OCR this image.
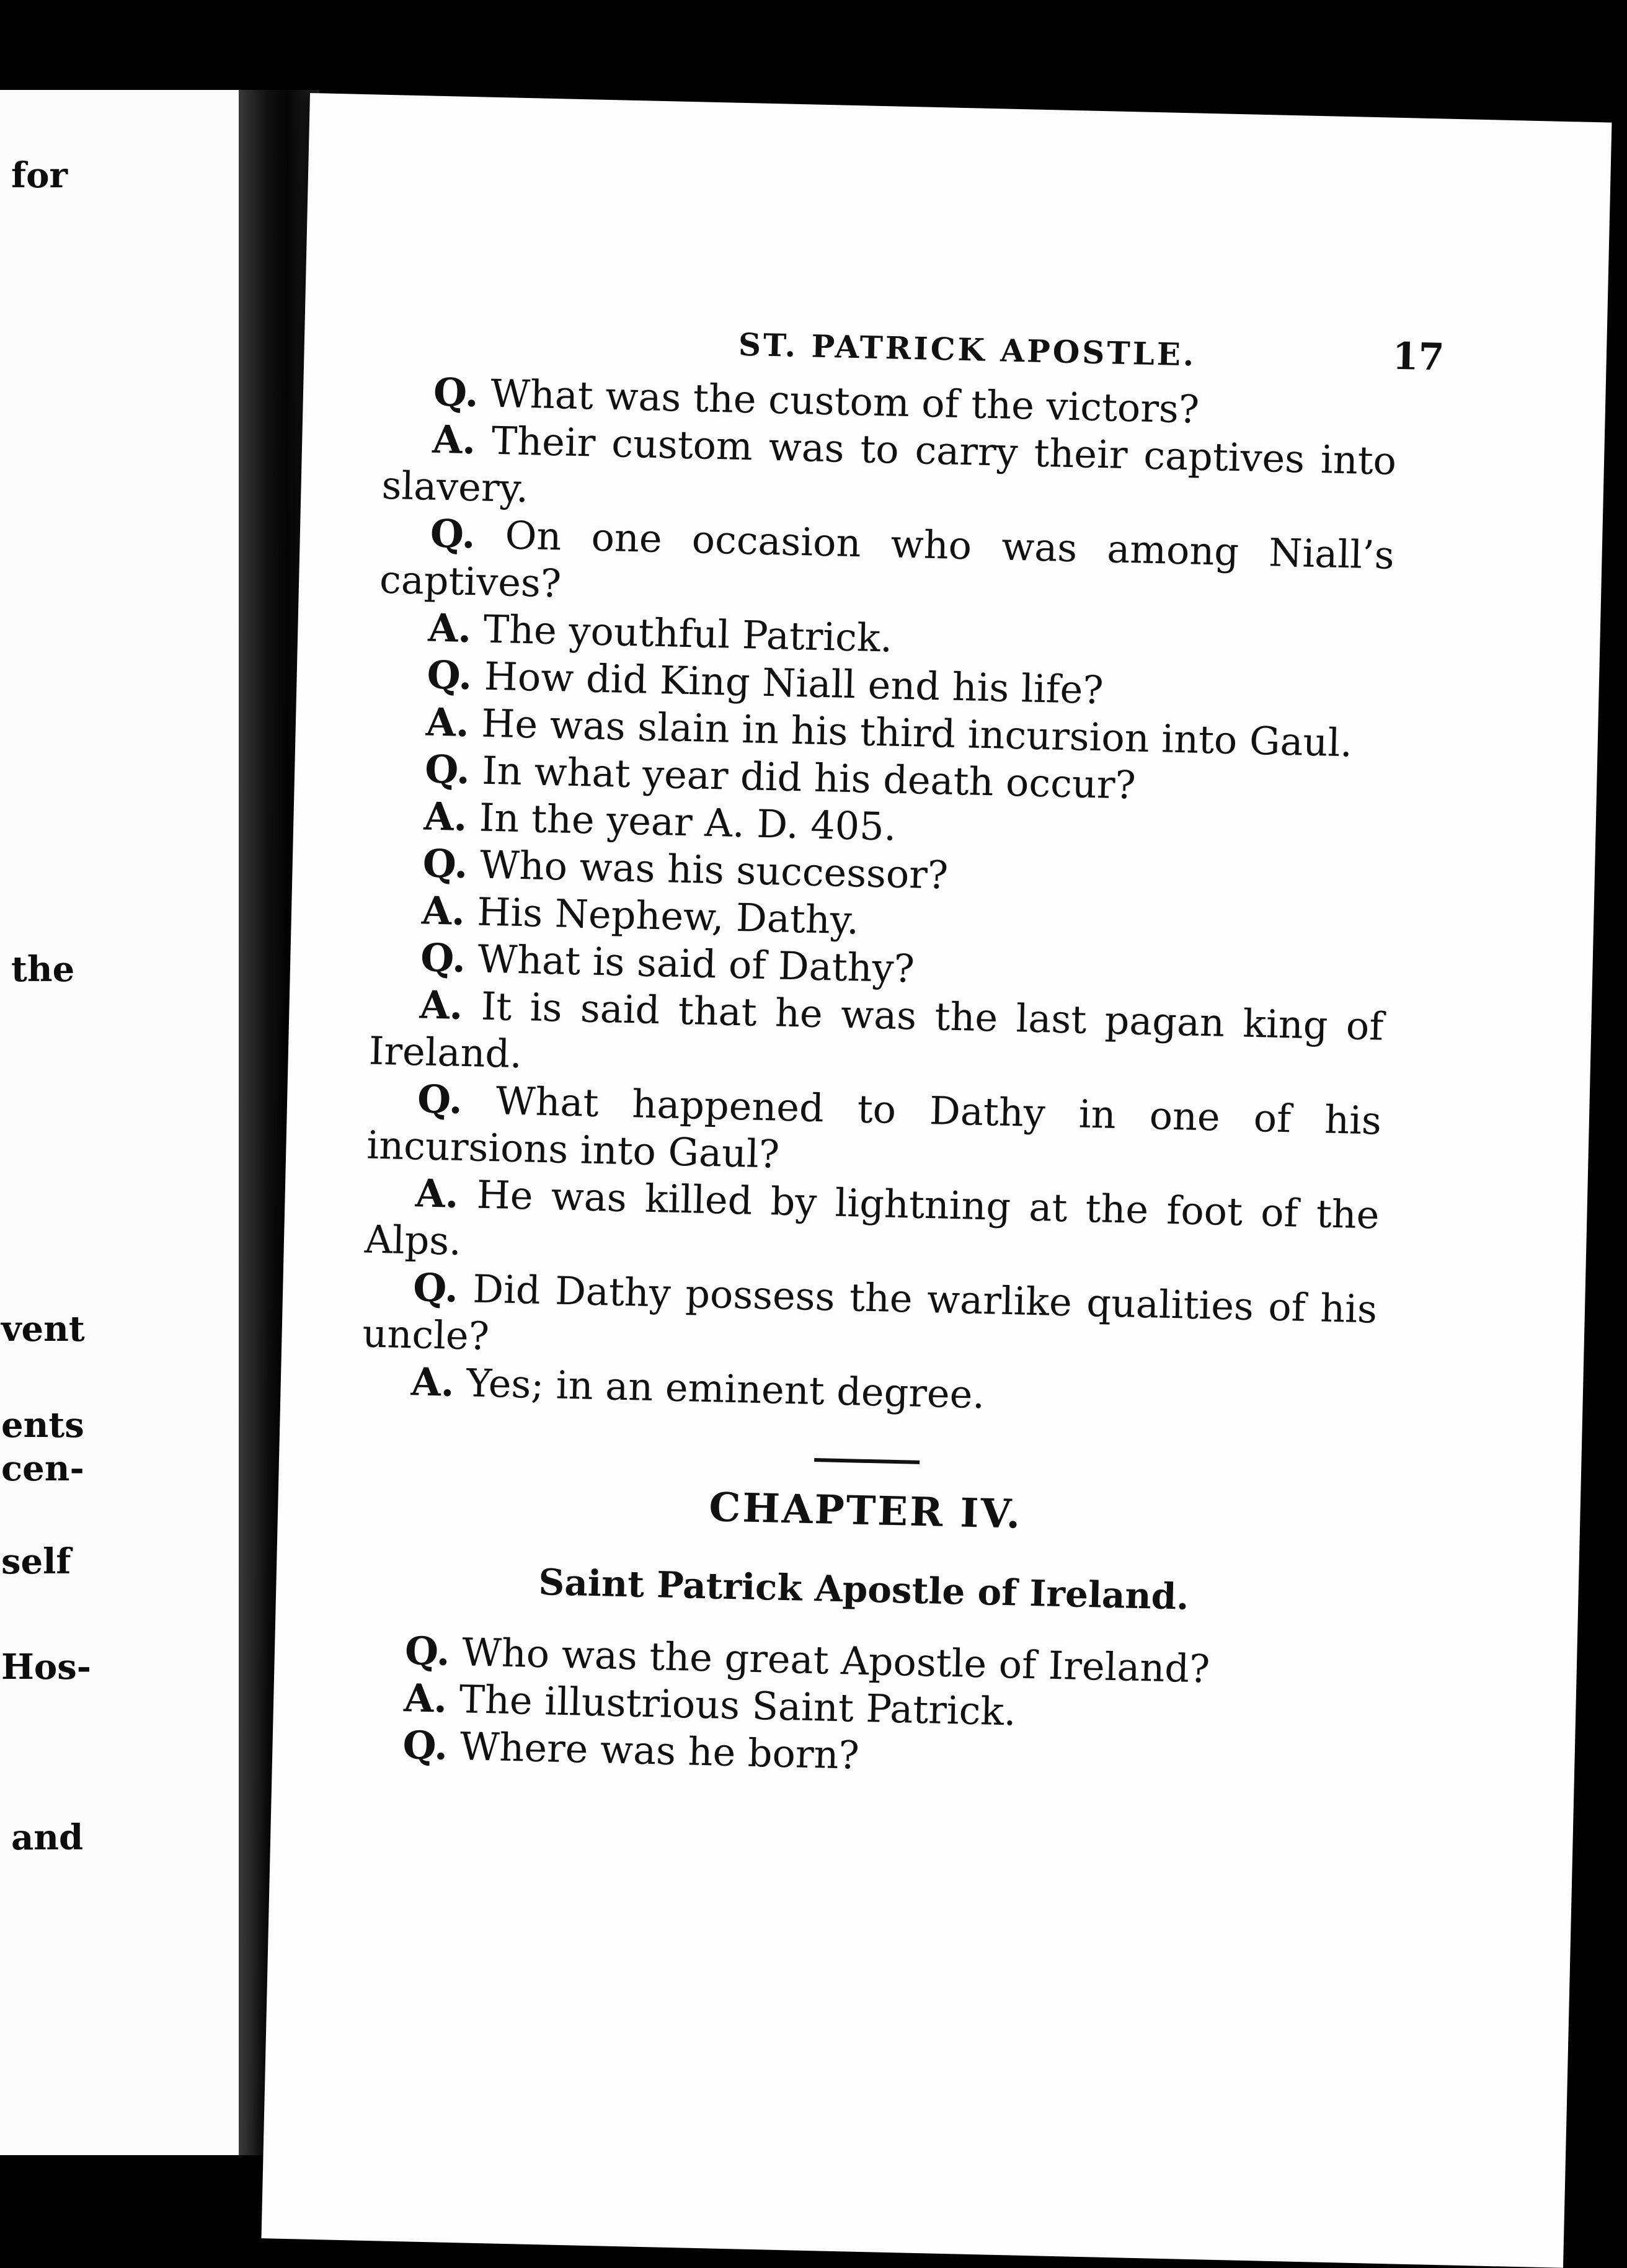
for
the
vent
ents
cen-
self
Hos-
and
ST. PATRICK APOSTLE.	17

Q. What was the custom of the victors?

A. Their custom was to carry their captives into slavery.

Q. On one occasion who was among Niall’s captives?

A. The youthful Patrick.

Q. How did King Niall end his life?

A. He was slain in his third incursion into Gaul.

Q. In what year did his death occur?

A. In the year A. D. 405.

Q. Who was his successor?

A. His Nephew, Dathy.

Q. What is said of Dathy?

A. It is said that he was the last pagan king of Ireland.

Q. What happened to Dathy in one of his incursions into Gaul?

A. He was killed by lightning at the foot of the Alps.

Q. Did Dathy possess the warlike qualities of his uncle?

A. Yes; in an eminent degree.

CHAPTER IV.
Saint Patrick Apostle of Ireland.

Q. Who was the great Apostle of Ireland?

A. The illustrious Saint Patrick.

Q. Where was he born?
